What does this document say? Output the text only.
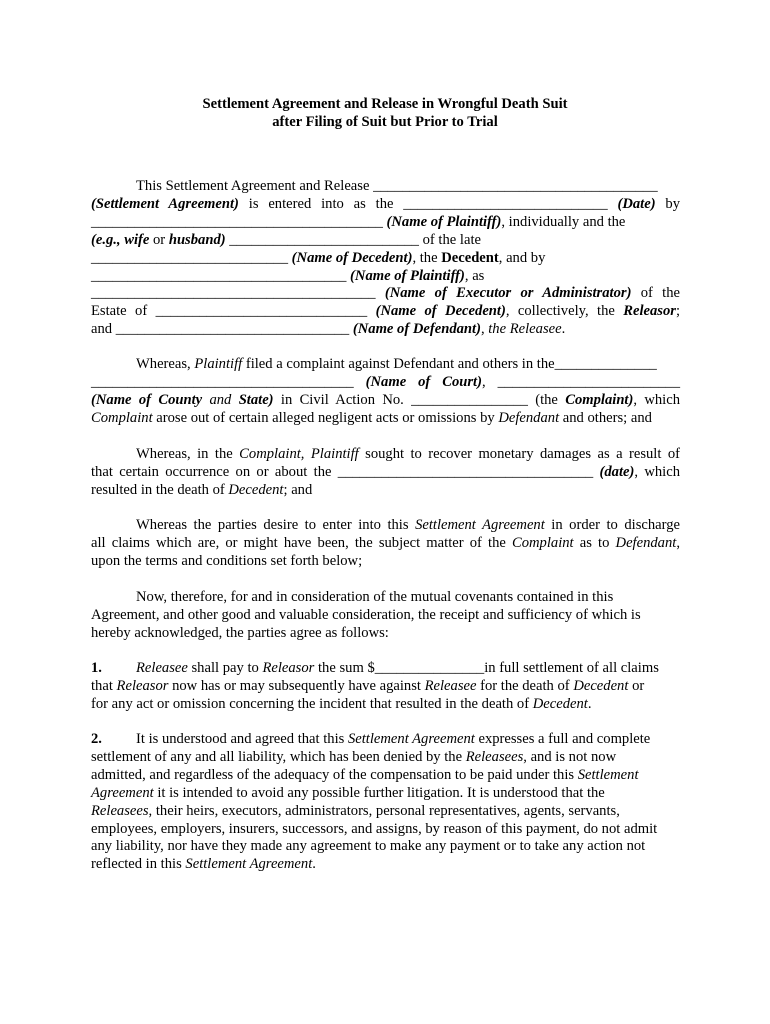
Settlement Agreement and Release in Wrongful Death Suit
after Filing of Suit but Prior to Trial
This Settlement Agreement and Release _______________________________________
(Settlement Agreement) is entered into as the ____________________________ (Date) by
________________________________________ (Name of Plaintiff), individually and the
(e.g., wife or husband) __________________________ of the late
___________________________ (Name of Decedent), the Decedent, and by
___________________________________ (Name of Plaintiff), as
_______________________________________ (Name of Executor or Administrator) of the
Estate of _____________________________ (Name of Decedent), collectively, the Releasor;
and ________________________________ (Name of Defendant), the Releasee.
Whereas, Plaintiff filed a complaint against Defendant and others in the______________
____________________________________ (Name of Court), _________________________
(Name of County and State) in Civil Action No. ________________ (the Complaint), which
Complaint arose out of certain alleged negligent acts or omissions by Defendant and others; and
Whereas, in the Complaint, Plaintiff sought to recover monetary damages as a result of
that certain occurrence on or about the ___________________________________ (date), which
resulted in the death of Decedent; and
Whereas the parties desire to enter into this Settlement Agreement in order to discharge
all claims which are, or might have been, the subject matter of the Complaint as to Defendant,
upon the terms and conditions set forth below;
Now, therefore, for and in consideration of the mutual covenants contained in this
Agreement, and other good and valuable consideration, the receipt and sufficiency of which is
hereby acknowledged, the parties agree as follows:
1. Releasee shall pay to Releasor the sum $_______________in full settlement of all claims
that Releasor now has or may subsequently have against Releasee for the death of Decedent or
for any act or omission concerning the incident that resulted in the death of Decedent.
2. It is understood and agreed that this Settlement Agreement expresses a full and complete
settlement of any and all liability, which has been denied by the Releasees, and is not now
admitted, and regardless of the adequacy of the compensation to be paid under this Settlement
Agreement it is intended to avoid any possible further litigation. It is understood that the
Releasees, their heirs, executors, administrators, personal representatives, agents, servants,
employees, employers, insurers, successors, and assigns, by reason of this payment, do not admit
any liability, nor have they made any agreement to make any payment or to take any action not
reflected in this Settlement Agreement.
